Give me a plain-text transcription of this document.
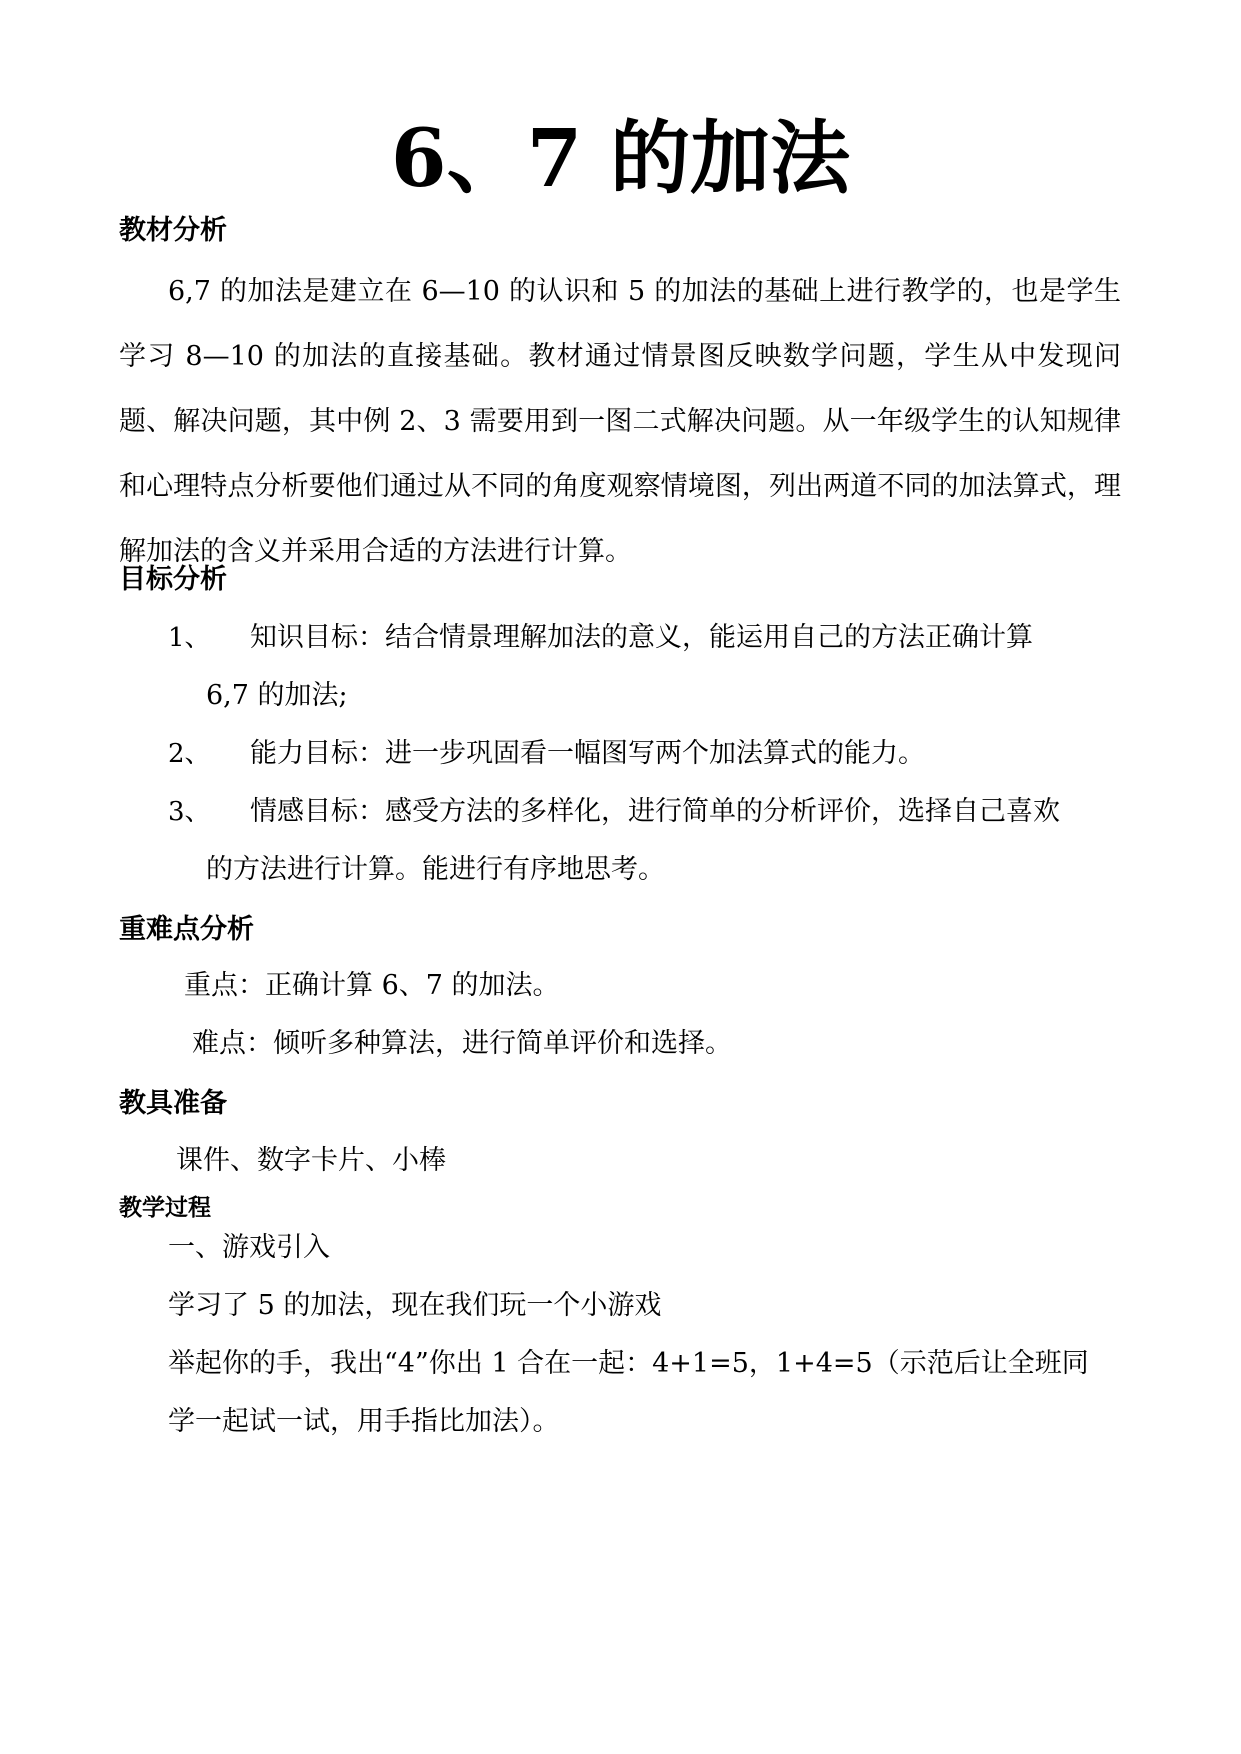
6、7 的加法
教材分析

6,7 的加法是建立在 6—10 的认识和 5 的加法的基础上进行教学的，也是学生学习 8—10 的加法的直接基础。教材通过情景图反映数学问题，学生从中发现问题、解决问题，其中例 2、3 需要用到一图二式解决问题。从一年级学生的认知规律和心理特点分析要他们通过从不同的角度观察情境图，列出两道不同的加法算式，理解加法的含义并采用合适的方法进行计算。

目标分析
1、 知识目标：结合情景理解加法的意义，能运用自己的方法正确计算

6,7 的加法;

2、 能力目标：进一步巩固看一幅图写两个加法算式的能力。

3、 情感目标：感受方法的多样化，进行简单的分析评价，选择自己喜欢

的方法进行计算。能进行有序地思考。

重难点分析

重点：正确计算 6、7 的加法。

难点：倾听多种算法，进行简单评价和选择。

教具准备

课件、数字卡片、小棒

教学过程

一、游戏引入

学习了 5 的加法，现在我们玩一个小游戏

举起你的手，我出“4”你出 1 合在一起：4+1=5，1+4=5（示范后让全班同

学一起试一试，用手指比加法）。
